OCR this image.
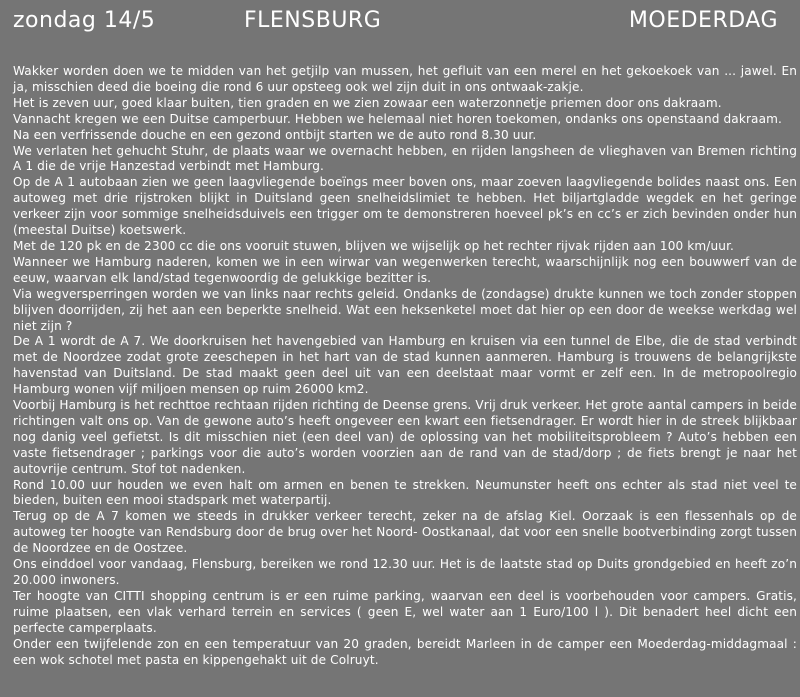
zondag 14/5	FLENSBURG	MOEDERDAG

Wakker worden doen we te midden van het getjilp van mussen, het gefluit van een merel en het gekoekoek van ... jawel. En ja, misschien deed die boeing die rond 6 uur opsteeg ook wel zijn duit in ons ontwaak-zakje.

Het is zeven uur, goed klaar buiten, tien graden en we zien zowaar een waterzonnetje priemen door ons dakraam.

Vannacht kregen we een Duitse camperbuur. Hebben we helemaal niet horen toekomen, ondanks ons openstaand dakraam.

Na een verfrissende douche en een gezond ontbijt starten we de auto rond 8.30 uur.

We verlaten het gehucht Stuhr, de plaats waar we overnacht hebben, en rijden langsheen de vlieghaven van Bremen richting A 1 die de vrije Hanzestad verbindt met Hamburg.

Op de A 1 autobaan zien we geen laagvliegende boeïngs meer boven ons, maar zoeven laagvliegende bolides naast ons. Een autoweg met drie rijstroken blijkt in Duitsland geen snelheidslimiet te hebben. Het biljartgladde wegdek en het geringe verkeer zijn voor sommige snelheidsduivels een trigger om te demonstreren hoeveel pk’s en cc’s er zich bevinden onder hun (meestal Duitse) koetswerk.

Met de 120 pk en de 2300 cc die ons vooruit stuwen, blijven we wijselijk op het rechter rijvak rijden aan 100 km/uur.

Wanneer we Hamburg naderen, komen we in een wirwar van wegenwerken terecht, waarschijnlijk nog een bouwwerf van de eeuw, waarvan elk land/stad tegenwoordig de gelukkige bezitter is.

Via wegversperringen worden we van links naar rechts geleid. Ondanks de (zondagse) drukte kunnen we toch zonder stoppen blijven doorrijden, zij het aan een beperkte snelheid. Wat een heksenketel moet dat hier op een door de weekse werkdag wel niet zijn ?

De A 1 wordt de A 7. We doorkruisen het havengebied van Hamburg en kruisen via een tunnel de Elbe, die de stad verbindt met de Noordzee zodat grote zeeschepen in het hart van de stad kunnen aanmeren. Hamburg is trouwens de belangrijkste havenstad van Duitsland. De stad maakt geen deel uit van een deelstaat maar vormt er zelf een. In de metropoolregio Hamburg wonen vijf miljoen mensen op ruim 26000 km2.

Voorbij Hamburg is het rechttoe rechtaan rijden richting de Deense grens. Vrij druk verkeer. Het grote aantal campers in beide richtingen valt ons op. Van de gewone auto’s heeft ongeveer een kwart een fietsendrager. Er wordt hier in de streek blijkbaar nog danig veel gefietst. Is dit misschien niet (een deel van) de oplossing van het mobiliteitsprobleem ? Auto’s hebben een vaste fietsendrager ; parkings voor die auto’s worden voorzien aan de rand van de stad/dorp ; de fiets brengt je naar het autovrije centrum. Stof tot nadenken.

Rond 10.00 uur houden we even halt om armen en benen te strekken. Neumunster heeft ons echter als stad niet veel te bieden, buiten een mooi stadspark met waterpartij.

Terug op de A 7 komen we steeds in drukker verkeer terecht, zeker na de afslag Kiel. Oorzaak is een flessenhals op de autoweg ter hoogte van Rendsburg door de brug over het Noord- Oostkanaal, dat voor een snelle bootverbinding zorgt tussen de Noordzee en de Oostzee.

Ons einddoel voor vandaag, Flensburg, bereiken we rond 12.30 uur. Het is de laatste stad op Duits grondgebied en heeft zo’n 20.000 inwoners.

Ter hoogte van CITTI shopping centrum is er een ruime parking, waarvan een deel is voorbehouden voor campers. Gratis, ruime plaatsen, een vlak verhard terrein en services ( geen E, wel water aan 1 Euro/100 l ). Dit benadert heel dicht een perfecte camperplaats.

Onder een twijfelende zon en een temperatuur van 20 graden, bereidt Marleen in de camper een Moederdag-middagmaal : een wok schotel met pasta en kippengehakt uit de Colruyt.
